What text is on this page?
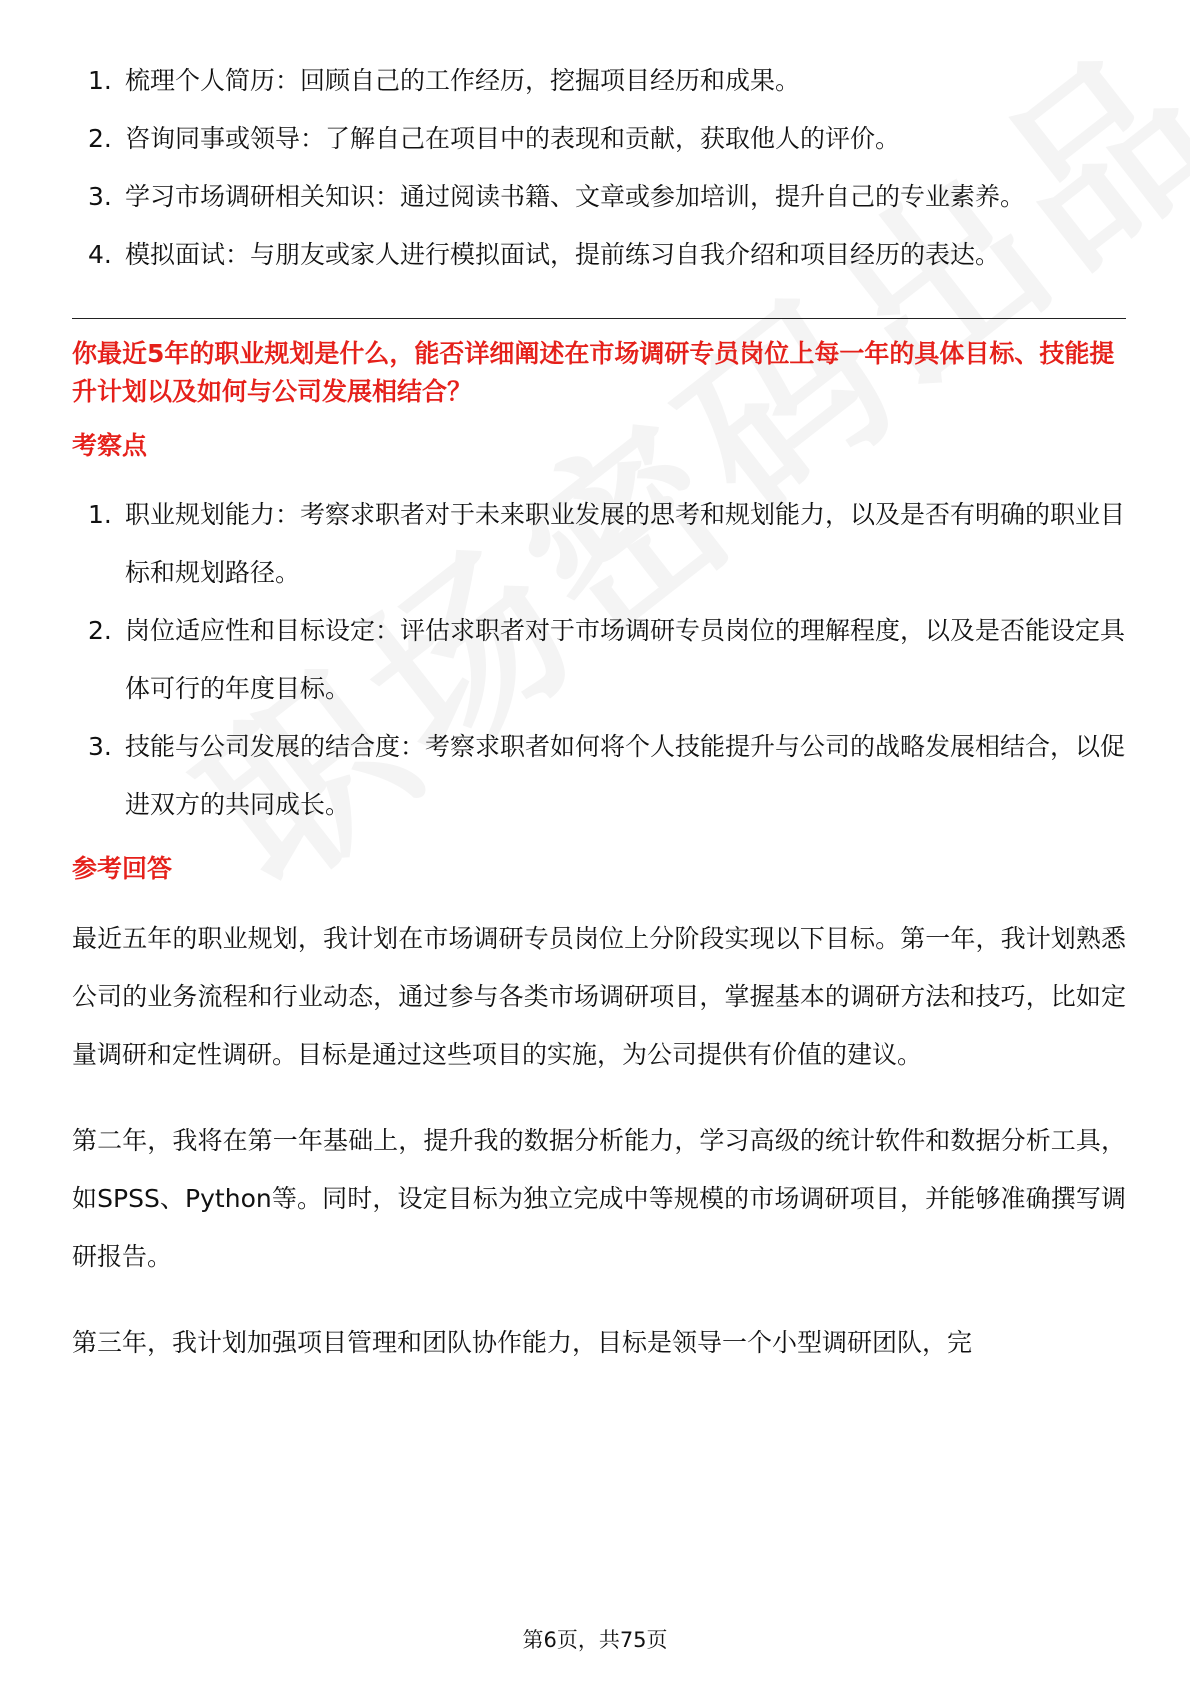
1. 梳理个人简历：回顾自己的工作经历，挖掘项目经历和成果。
2. 咨询同事或领导：了解自己在项目中的表现和贡献，获取他人的评价。
3. 学习市场调研相关知识：通过阅读书籍、文章或参加培训，提升自己的专业素养。
4. 模拟面试：与朋友或家人进行模拟面试，提前练习自我介绍和项目经历的表达。

你最近5年的职业规划是什么，能否详细阐述在市场调研专员岗位上每一年的具体目标、技能提升计划以及如何与公司发展相结合？

考察点

1. 职业规划能力：考察求职者对于未来职业发展的思考和规划能力，以及是否有明确的职业目标和规划路径。
2. 岗位适应性和目标设定：评估求职者对于市场调研专员岗位的理解程度，以及是否能设定具体可行的年度目标。
3. 技能与公司发展的结合度：考察求职者如何将个人技能提升与公司的战略发展相结合，以促进双方的共同成长。

参考回答

最近五年的职业规划，我计划在市场调研专员岗位上分阶段实现以下目标。第一年，我计划熟悉公司的业务流程和行业动态，通过参与各类市场调研项目，掌握基本的调研方法和技巧，比如定量调研和定性调研。目标是通过这些项目的实施，为公司提供有价值的建议。

第二年，我将在第一年基础上，提升我的数据分析能力，学习高级的统计软件和数据分析工具，如SPSS、Python等。同时，设定目标为独立完成中等规模的市场调研项目，并能够准确撰写调研报告。

第三年，我计划加强项目管理和团队协作能力，目标是领导一个小型调研团队，完

第6页，共75页
